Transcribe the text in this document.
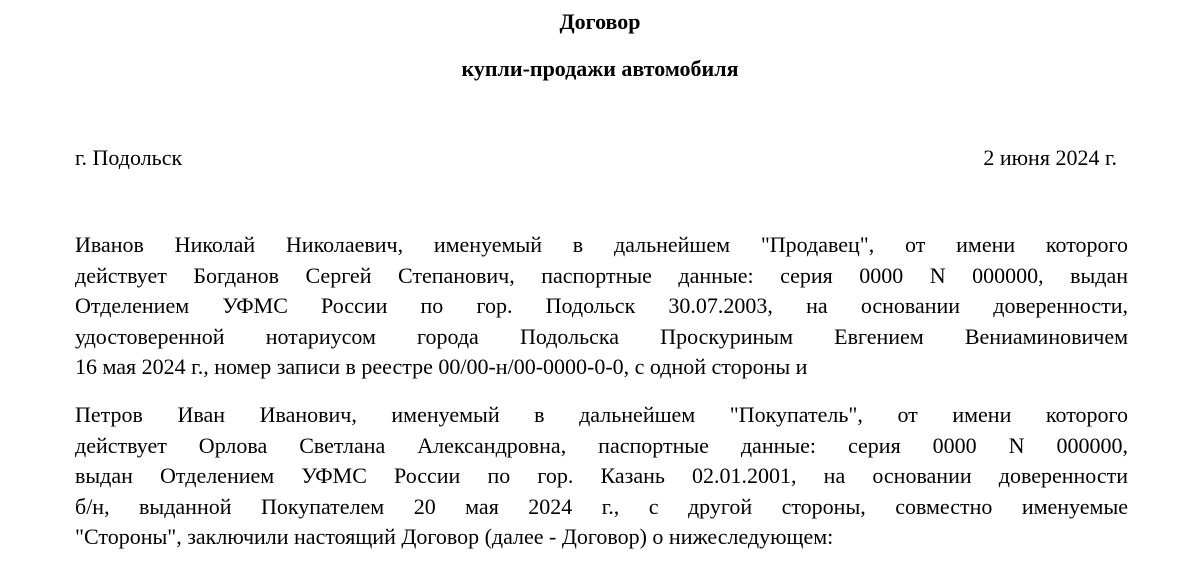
Договор
купли-продажи автомобиля
г. Подольск	2 июня 2024 г.
Иванов Николай Николаевич, именуемый в дальнейшем "Продавец", от имени которого
действует Богданов Сергей Степанович, паспортные данные: серия 0000 N 000000, выдан
Отделением УФМС России по гор. Подольск 30.07.2003, на основании доверенности,
удостоверенной нотариусом города Подольска Проскуриным Евгением Вениаминовичем
16 мая 2024 г., номер записи в реестре 00/00-н/00-0000-0-0, с одной стороны и
Петров Иван Иванович, именуемый в дальнейшем "Покупатель", от имени которого
действует Орлова Светлана Александровна, паспортные данные: серия 0000 N 000000,
выдан Отделением УФМС России по гор. Казань 02.01.2001, на основании доверенности
б/н, выданной Покупателем 20 мая 2024 г., с другой стороны, совместно именуемые
"Стороны", заключили настоящий Договор (далее - Договор) о нижеследующем:
